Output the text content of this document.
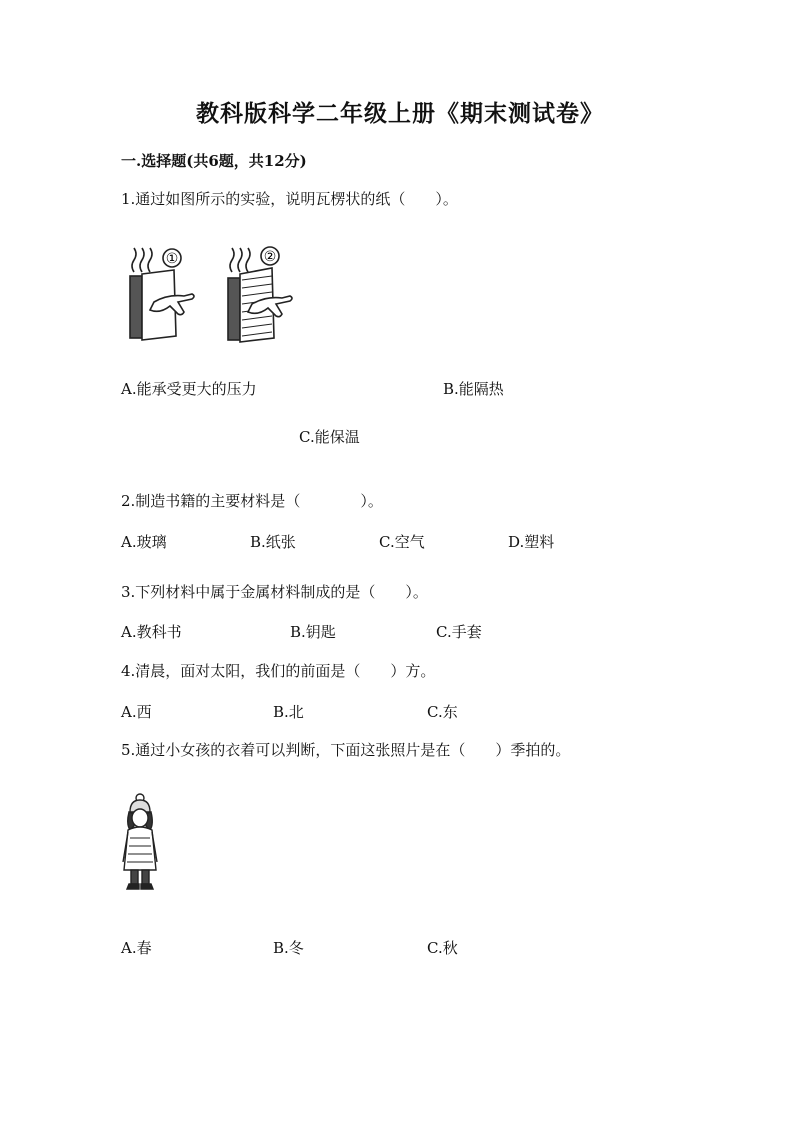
教科版科学二年级上册《期末测试卷》
一.选择题(共6题，共12分)
1.通过如图所示的实验，说明瓦楞状的纸（　　）。
①	②
A.能承受更大的压力	B.能隔热
C.能保温
2.制造书籍的主要材料是（　　　　）。
A.玻璃	B.纸张	C.空气	D.塑料
3.下列材料中属于金属材料制成的是（　　）。
A.教科书	B.钥匙	C.手套
4.清晨，面对太阳，我们的前面是（　　）方。
A.西	B.北	C.东
5.通过小女孩的衣着可以判断，下面这张照片是在（　　）季拍的。
A.春	B.冬	C.秋
